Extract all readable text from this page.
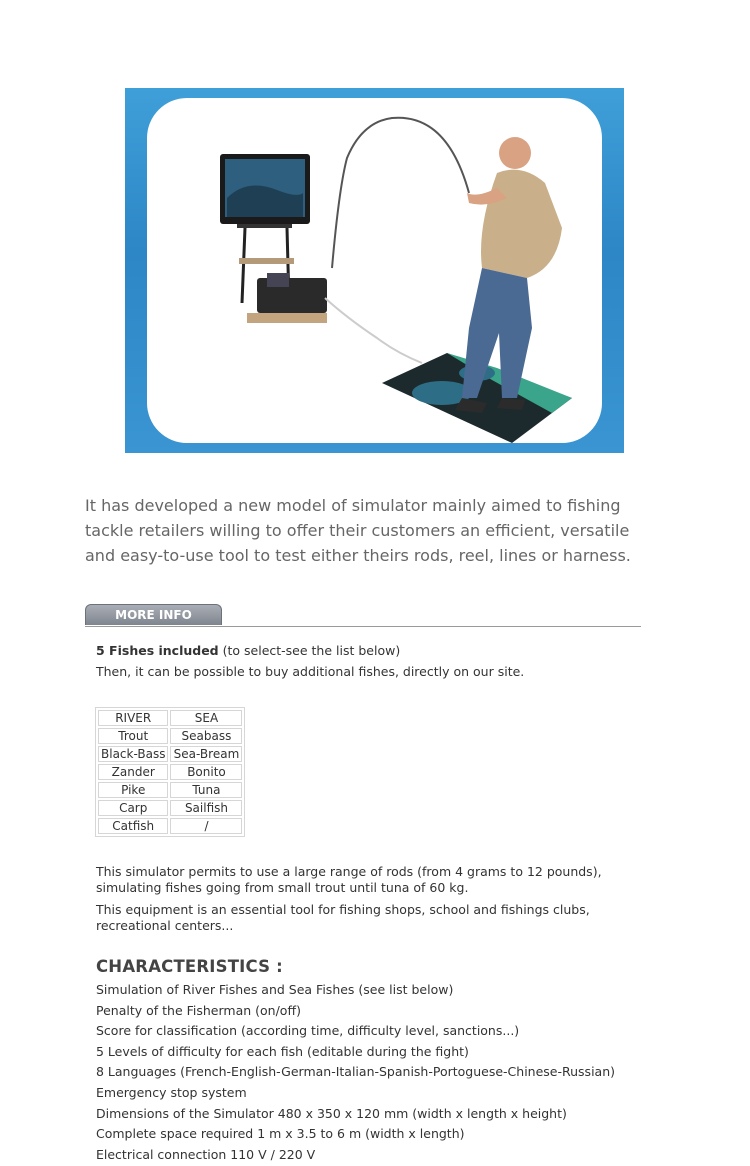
It has developed a new model of simulator mainly aimed to fishing tackle retailers willing to offer their customers an efficient, versatile and easy-to-use tool to test either theirs rods, reel, lines or harness.

MORE INFO

5 Fishes included (to select-see the list below)

Then, it can be possible to buy additional fishes, directly on our site.

RIVER	SEA
Trout	Seabass
Black-Bass	Sea-Bream
Zander	Bonito
Pike	Tuna
Carp	Sailfish
Catfish	/

This simulator permits to use a large range of rods (from 4 grams to 12 pounds), simulating fishes going from small trout until tuna of 60 kg.

This equipment is an essential tool for fishing shops, school and fishings clubs, recreational centers...

CHARACTERISTICS :
Simulation of River Fishes and Sea Fishes (see list below)
Penalty of the Fisherman (on/off)
Score for classification (according time, difficulty level, sanctions...)
5 Levels of difficulty for each fish (editable during the fight)
8 Languages (French-English-German-Italian-Spanish-Portoguese-Chinese-Russian)
Emergency stop system
Dimensions of the Simulator 480 x 350 x 120 mm (width x length x height)
Complete space required 1 m x 3.5 to 6 m (width x length)
Electrical connection 110 V / 220 V
